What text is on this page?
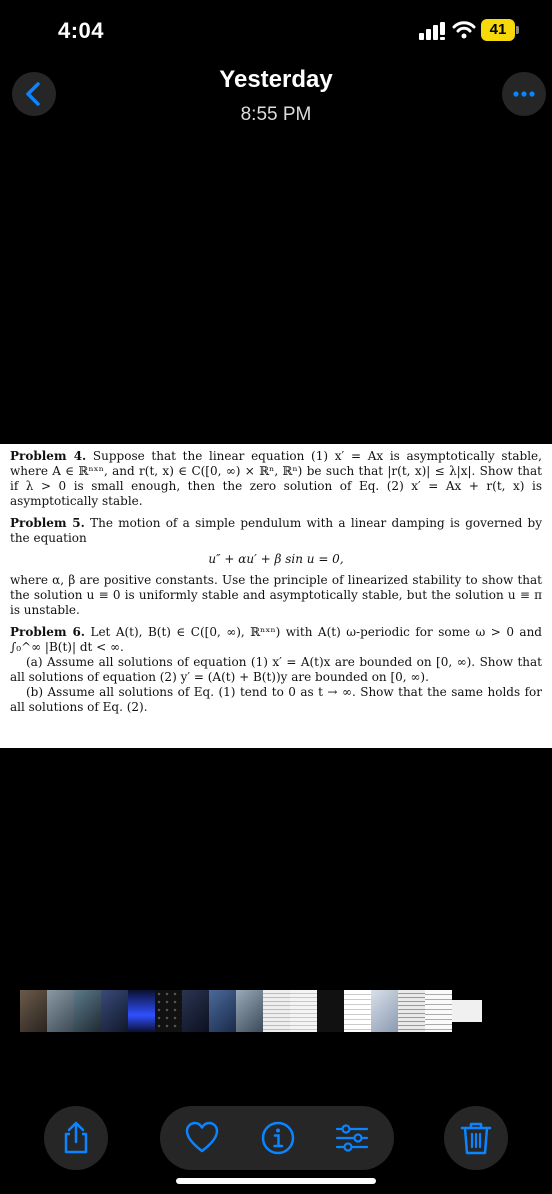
4:04	41
Yesterday
8:55 PM

Problem 4. Suppose that the linear equation (1) x′ = Ax is asymptotically stable, where A ∈ ℝⁿˣⁿ, and r(t, x) ∈ C([0, ∞) × ℝⁿ, ℝⁿ) be such that |r(t, x)| ≤ λ|x|. Show that if λ > 0 is small enough, then the zero solution of Eq. (2) x′ = Ax + r(t, x) is asymptotically stable.

Problem 5. The motion of a simple pendulum with a linear damping is governed by the equation

u″ + αu′ + β sin u = 0,

where α, β are positive constants. Use the principle of linearized stability to show that the solution u ≡ 0 is uniformly stable and asymptotically stable, but the solution u ≡ π is unstable.

Problem 6. Let A(t), B(t) ∈ C([0, ∞), ℝⁿˣⁿ) with A(t) ω-periodic for some ω > 0 and ∫₀^∞ |B(t)| dt < ∞.

(a) Assume all solutions of equation (1) x′ = A(t)x are bounded on [0, ∞). Show that all solutions of equation (2) y′ = (A(t) + B(t))y are bounded on [0, ∞).

(b) Assume all solutions of Eq. (1) tend to 0 as t → ∞. Show that the same holds for all solutions of Eq. (2).
